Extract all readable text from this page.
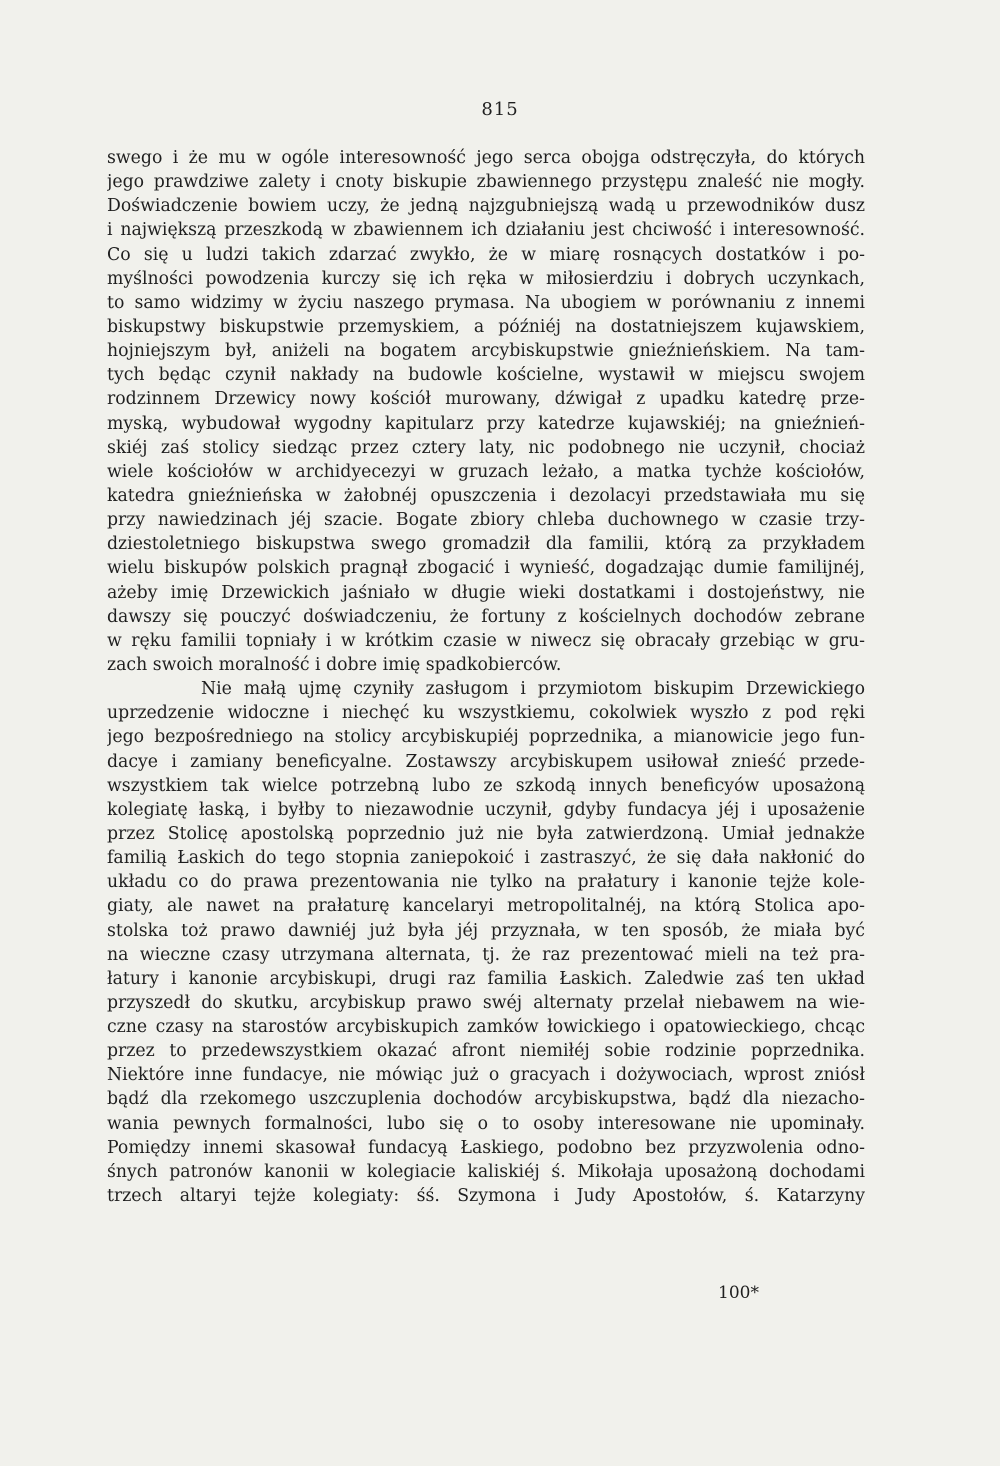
815
swego i że mu w ogóle interesowność jego serca obojga odstręczyła, do których
jego prawdziwe zalety i cnoty biskupie zbawiennego przystępu znaleść nie mogły.
Doświadczenie bowiem uczy, że jedną najzgubniejszą wadą u przewodników dusz
i największą przeszkodą w zbawiennem ich działaniu jest chciwość i interesowność.
Co się u ludzi takich zdarzać zwykło, że w miarę rosnących dostatków i po-
myślności powodzenia kurczy się ich ręka w miłosierdziu i dobrych uczynkach,
to samo widzimy w życiu naszego prymasa. Na ubogiem w porównaniu z innemi
biskupstwy biskupstwie przemyskiem, a późniéj na dostatniejszem kujawskiem,
hojniejszym był, aniżeli na bogatem arcybiskupstwie gnieźnieńskiem. Na tam-
tych będąc czynił nakłady na budowle kościelne, wystawił w miejscu swojem
rodzinnem Drzewicy nowy kościół murowany, dźwigał z upadku katedrę prze-
myską, wybudował wygodny kapitularz przy katedrze kujawskiéj; na gnieźnień-
skiéj zaś stolicy siedząc przez cztery laty, nic podobnego nie uczynił, chociaż
wiele kościołów w archidyecezyi w gruzach leżało, a matka tychże kościołów,
katedra gnieźnieńska w żałobnéj opuszczenia i dezolacyi przedstawiała mu się
przy nawiedzinach jéj szacie. Bogate zbiory chleba duchownego w czasie trzy-
dziestoletniego biskupstwa swego gromadził dla familii, którą za przykładem
wielu biskupów polskich pragnął zbogacić i wynieść, dogadzając dumie familijnéj,
ażeby imię Drzewickich jaśniało w długie wieki dostatkami i dostojeństwy, nie
dawszy się pouczyć doświadczeniu, że fortuny z kościelnych dochodów zebrane
w ręku familii topniały i w krótkim czasie w niwecz się obracały grzebiąc w gru-
zach swoich moralność i dobre imię spadkobierców.
Nie małą ujmę czyniły zasługom i przymiotom biskupim Drzewickiego
uprzedzenie widoczne i niechęć ku wszystkiemu, cokolwiek wyszło z pod ręki
jego bezpośredniego na stolicy arcybiskupiéj poprzednika, a mianowicie jego fun-
dacye i zamiany beneficyalne. Zostawszy arcybiskupem usiłował znieść przede-
wszystkiem tak wielce potrzebną lubo ze szkodą innych beneficyów uposażoną
kolegiatę łaską, i byłby to niezawodnie uczynił, gdyby fundacya jéj i uposażenie
przez Stolicę apostolską poprzednio już nie była zatwierdzoną. Umiał jednakże
familią Łaskich do tego stopnia zaniepokoić i zastraszyć, że się dała nakłonić do
układu co do prawa prezentowania nie tylko na prałatury i kanonie tejże kole-
giaty, ale nawet na prałaturę kancelaryi metropolitalnéj, na którą Stolica apo-
stolska toż prawo dawniéj już była jéj przyznała, w ten sposób, że miała być
na wieczne czasy utrzymana alternata, tj. że raz prezentować mieli na też pra-
łatury i kanonie arcybiskupi, drugi raz familia Łaskich. Zaledwie zaś ten układ
przyszedł do skutku, arcybiskup prawo swéj alternaty przelał niebawem na wie-
czne czasy na starostów arcybiskupich zamków łowickiego i opatowieckiego, chcąc
przez to przedewszystkiem okazać afront niemiłéj sobie rodzinie poprzednika.
Niektóre inne fundacye, nie mówiąc już o gracyach i dożywociach, wprost zniósł
bądź dla rzekomego uszczuplenia dochodów arcybiskupstwa, bądź dla niezacho-
wania pewnych formalności, lubo się o to osoby interesowane nie upominały.
Pomiędzy innemi skasował fundacyą Łaskiego, podobno bez przyzwolenia odno-
śnych patronów kanonii w kolegiacie kaliskiéj ś. Mikołaja uposażoną dochodami
trzech altaryi tejże kolegiaty: śś. Szymona i Judy Apostołów, ś. Katarzyny
100*
